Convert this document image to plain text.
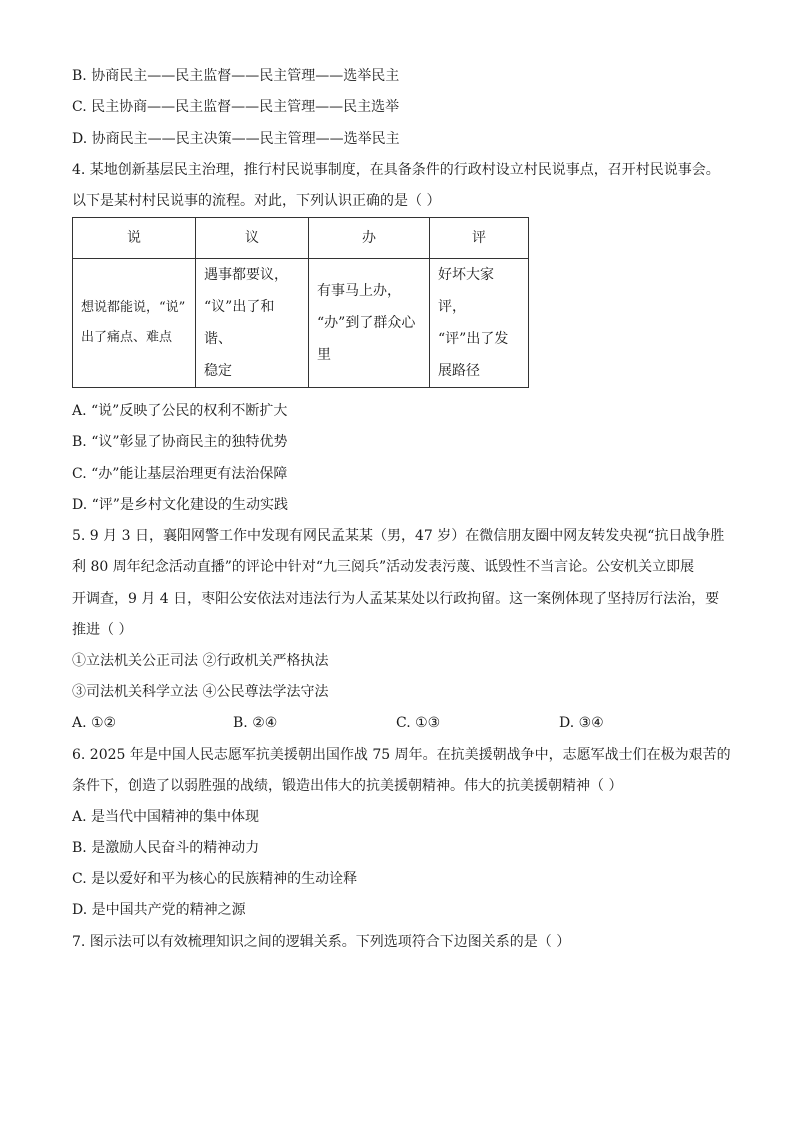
B. 协商民主——民主监督——民主管理——选举民主
C. 民主协商——民主监督——民主管理——民主选举
D. 协商民主——民主决策——民主管理——选举民主
4. 某地创新基层民主治理，推行村民说事制度，在具备条件的行政村设立村民说事点，召开村民说事会。
以下是某村村民说事的流程。对此，下列认识正确的是（ ）
说	议	办	评

想说都能说，“说”
出了痛点、难点	遇事都要议，
“议”出了和谐、
稳定	有事马上办，
“办”到了群众心
里	好坏大家评，
“评”出了发
展路径
A. “说”反映了公民的权利不断扩大
B. “议”彰显了协商民主的独特优势
C. “办”能让基层治理更有法治保障
D. “评”是乡村文化建设的生动实践
5. 9 月 3 日，襄阳网警工作中发现有网民孟某某（男，47 岁）在微信朋友圈中网友转发央视“抗日战争胜
利 80 周年纪念活动直播”的评论中针对“九三阅兵”活动发表污蔑、诋毁性不当言论。公安机关立即展
开调查，9 月 4 日，枣阳公安依法对违法行为人孟某某处以行政拘留。这一案例体现了坚持厉行法治，要
推进（ ）
①立法机关公正司法 ②行政机关严格执法
③司法机关科学立法 ④公民尊法学法守法
A. ①②	B. ②④	C. ①③	D. ③④
6. 2025 年是中国人民志愿军抗美援朝出国作战 75 周年。在抗美援朝战争中，志愿军战士们在极为艰苦的
条件下，创造了以弱胜强的战绩，锻造出伟大的抗美援朝精神。伟大的抗美援朝精神（ ）
A. 是当代中国精神的集中体现
B. 是激励人民奋斗的精神动力
C. 是以爱好和平为核心的民族精神的生动诠释
D. 是中国共产党的精神之源
7. 图示法可以有效梳理知识之间的逻辑关系。下列选项符合下边图关系的是（ ）
